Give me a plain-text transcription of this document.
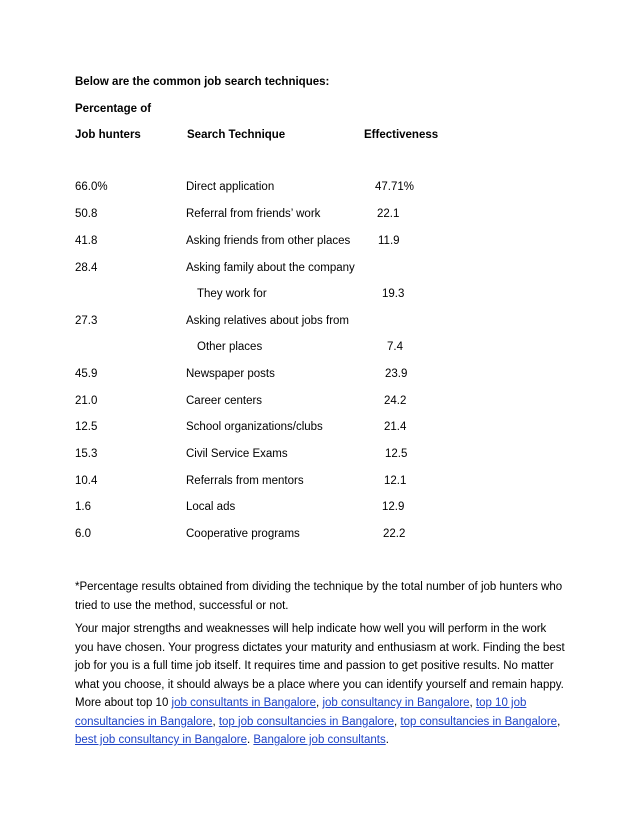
Below are the common job search techniques:
Percentage of
Job hunters	Search Technique	Effectiveness
66.0%	Direct application	47.71%
50.8	Referral from friends’ work	22.1
41.8	Asking friends from other places 11.9
28.4	Asking family about the company
They work for	19.3
27.3	Asking relatives about jobs from
Other places	7.4
45.9	Newspaper posts	23.9
21.0	Career centers	24.2
12.5	School organizations/clubs	21.4
15.3	Civil Service Exams	12.5
10.4	Referrals from mentors	12.1
1.6	Local ads	12.9
6.0	Cooperative programs	22.2

*Percentage results obtained from dividing the technique by the total number of job hunters who tried to use the method, successful or not.

Your major strengths and weaknesses will help indicate how well you will perform in the work you have chosen. Your progress dictates your maturity and enthusiasm at work. Finding the best job for you is a full time job itself. It requires time and passion to get positive results. No matter what you choose, it should always be a place where you can identify yourself and remain happy.

More about top 10 job consultants in Bangalore, job consultancy in Bangalore, top 10 job consultancies in Bangalore, top job consultancies in Bangalore, top consultancies in Bangalore, best job consultancy in Bangalore. Bangalore job consultants.
